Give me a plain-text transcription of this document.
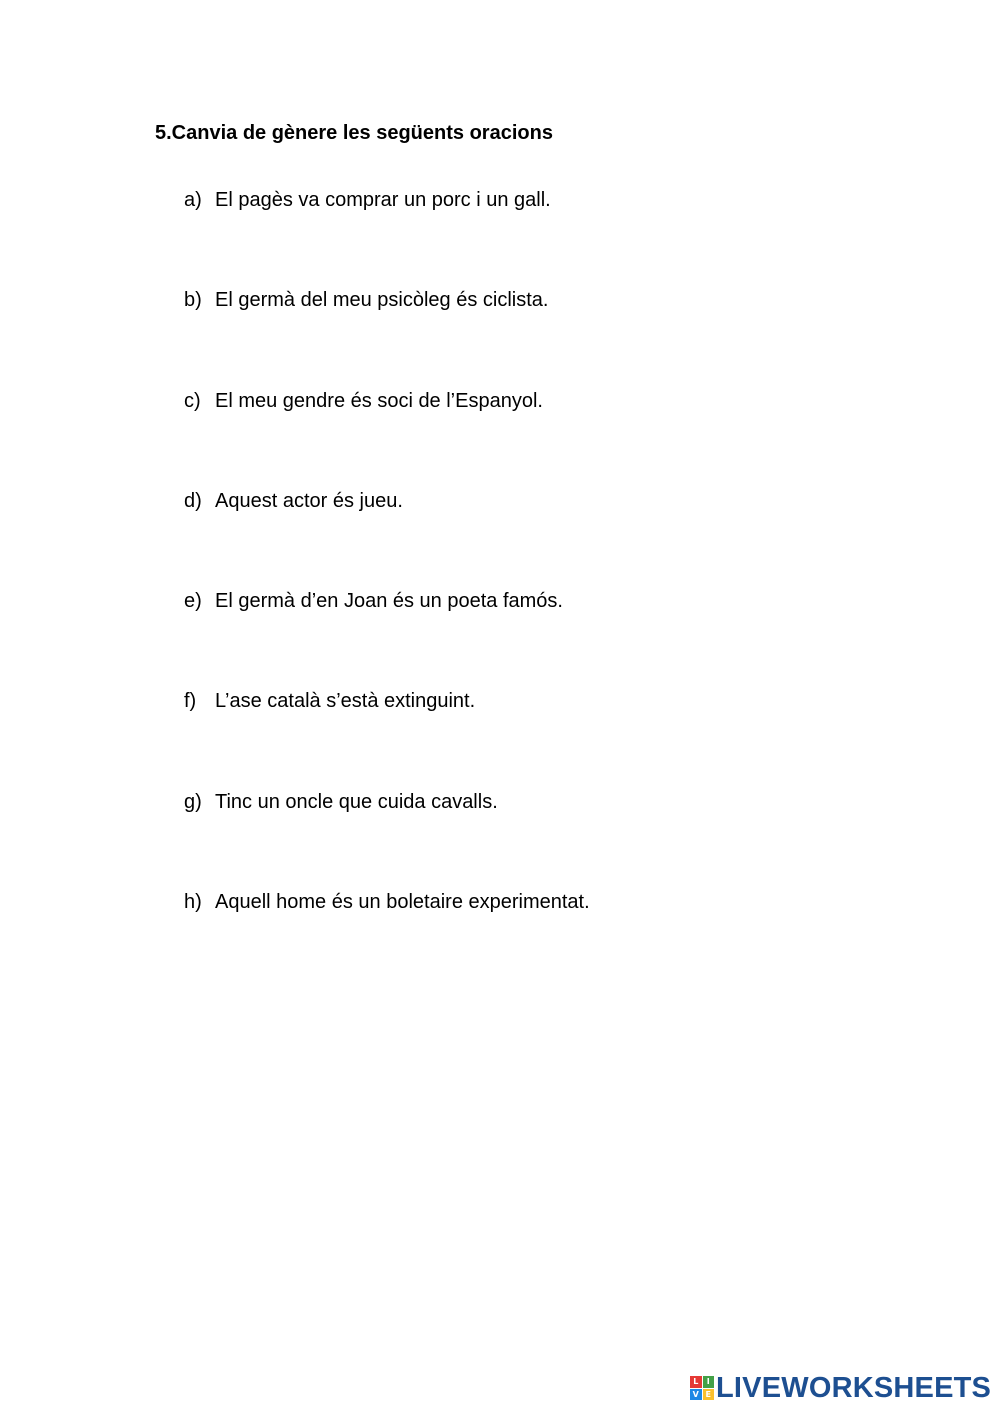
5.Canvia de gènere les següents oracions
a) El pagès va comprar un porc i un gall.
b) El germà del meu psicòleg és ciclista.
c) El meu gendre és soci de l’Espanyol.
d) Aquest actor és jueu.
e) El germà d’en Joan és un poeta famós.
f) L’ase català s’està extinguint.
g) Tinc un oncle que cuida cavalls.
h) Aquell home és un boletaire experimentat.
L	I
V E LIVEWORKSHEETS
